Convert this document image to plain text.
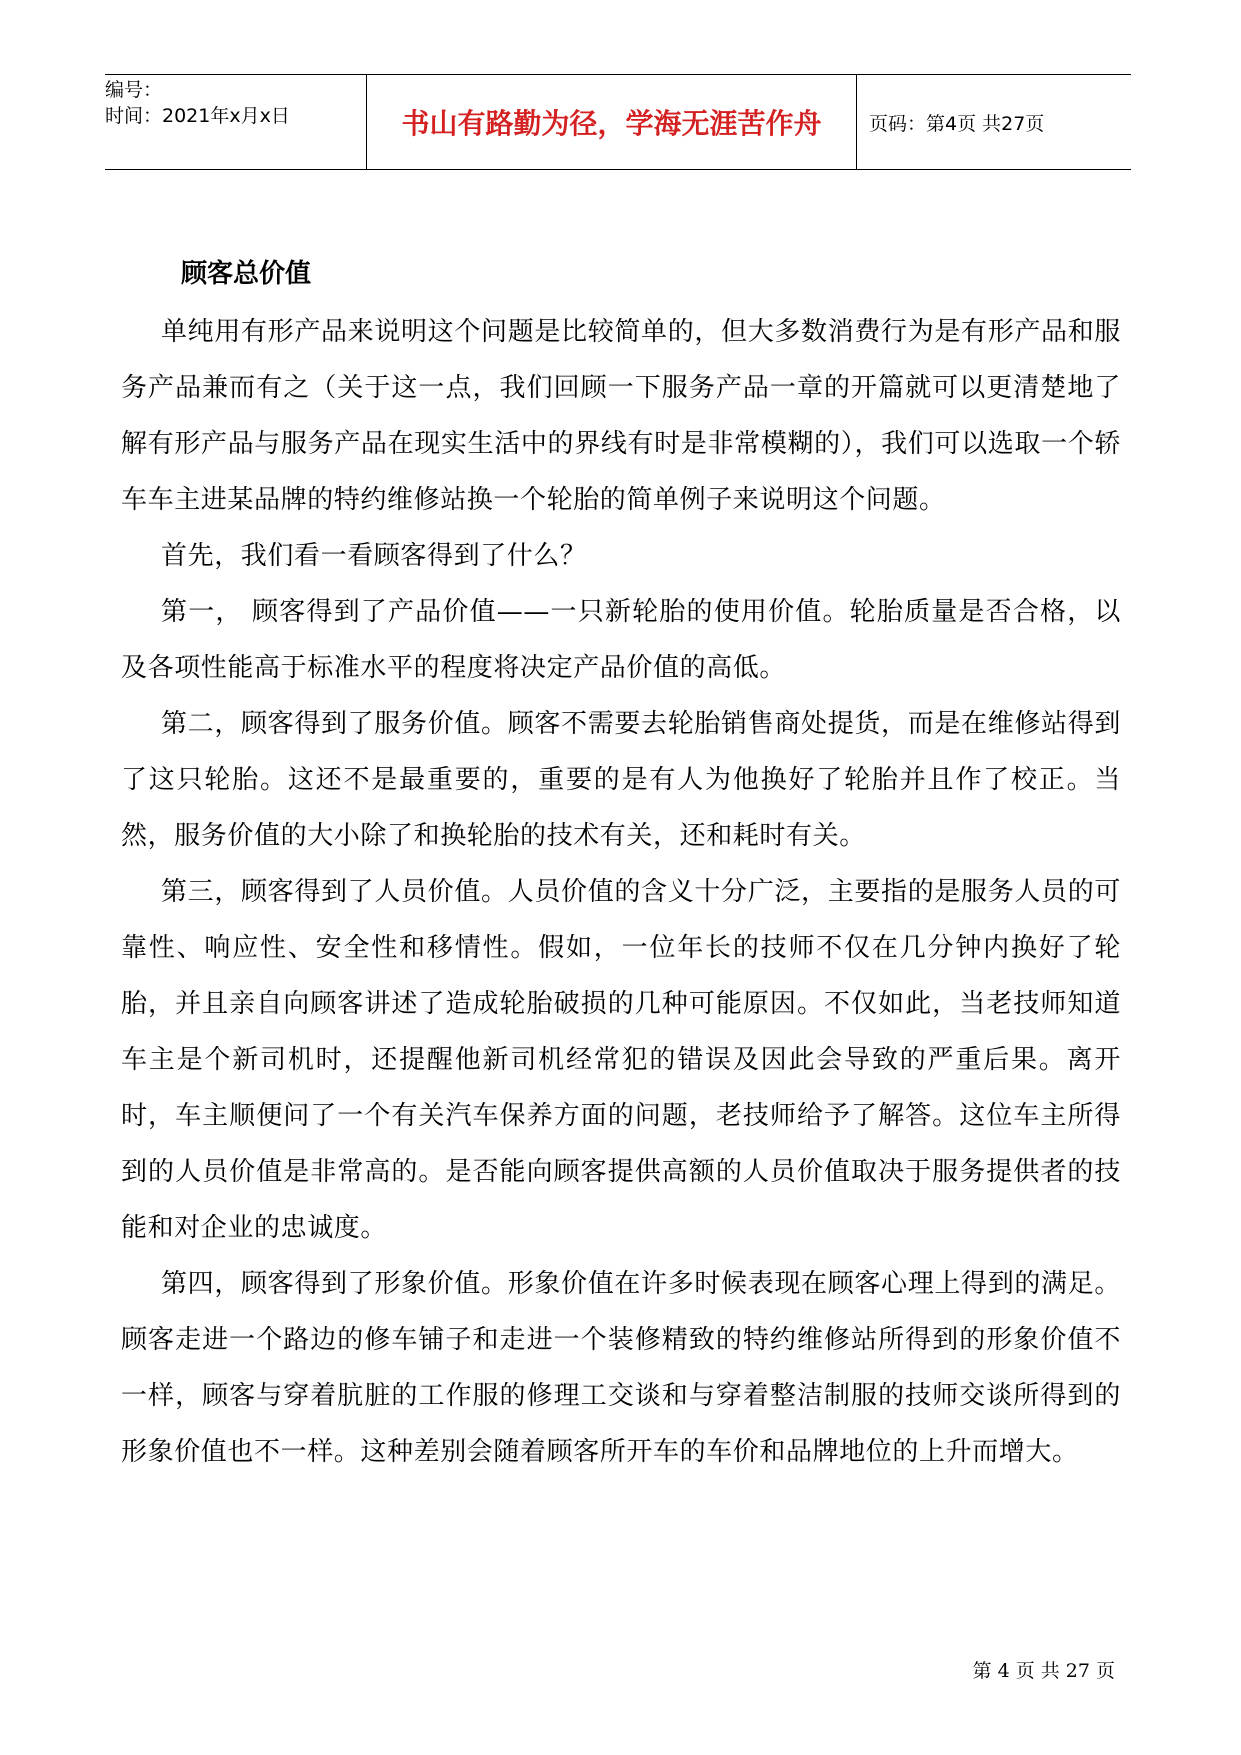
编号：
时间：2021年x月x日	书山有路勤为径，学海无涯苦作舟	页码：第4页 共27页
顾客总价值

单纯用有形产品来说明这个问题是比较简单的，但大多数消费行为是有形产品和服务产品兼而有之（关于这一点，我们回顾一下服务产品一章的开篇就可以更清楚地了解有形产品与服务产品在现实生活中的界线有时是非常模糊的），我们可以选取一个轿车车主进某品牌的特约维修站换一个轮胎的简单例子来说明这个问题。

首先，我们看一看顾客得到了什么？

第一， 顾客得到了产品价值——一只新轮胎的使用价值。轮胎质量是否合格，以及各项性能高于标准水平的程度将决定产品价值的高低。

第二，顾客得到了服务价值。顾客不需要去轮胎销售商处提货，而是在维修站得到了这只轮胎。这还不是最重要的，重要的是有人为他换好了轮胎并且作了校正。当然，服务价值的大小除了和换轮胎的技术有关，还和耗时有关。

第三，顾客得到了人员价值。人员价值的含义十分广泛，主要指的是服务人员的可靠性、响应性、安全性和移情性。假如，一位年长的技师不仅在几分钟内换好了轮胎，并且亲自向顾客讲述了造成轮胎破损的几种可能原因。不仅如此，当老技师知道车主是个新司机时，还提醒他新司机经常犯的错误及因此会导致的严重后果。离开时，车主顺便问了一个有关汽车保养方面的问题，老技师给予了解答。这位车主所得到的人员价值是非常高的。是否能向顾客提供高额的人员价值取决于服务提供者的技能和对企业的忠诚度。

第四，顾客得到了形象价值。形象价值在许多时候表现在顾客心理上得到的满足。顾客走进一个路边的修车铺子和走进一个装修精致的特约维修站所得到的形象价值不一样，顾客与穿着肮脏的工作服的修理工交谈和与穿着整洁制服的技师交谈所得到的形象价值也不一样。这种差别会随着顾客所开车的车价和品牌地位的上升而增大。

第 4 页 共 27 页
